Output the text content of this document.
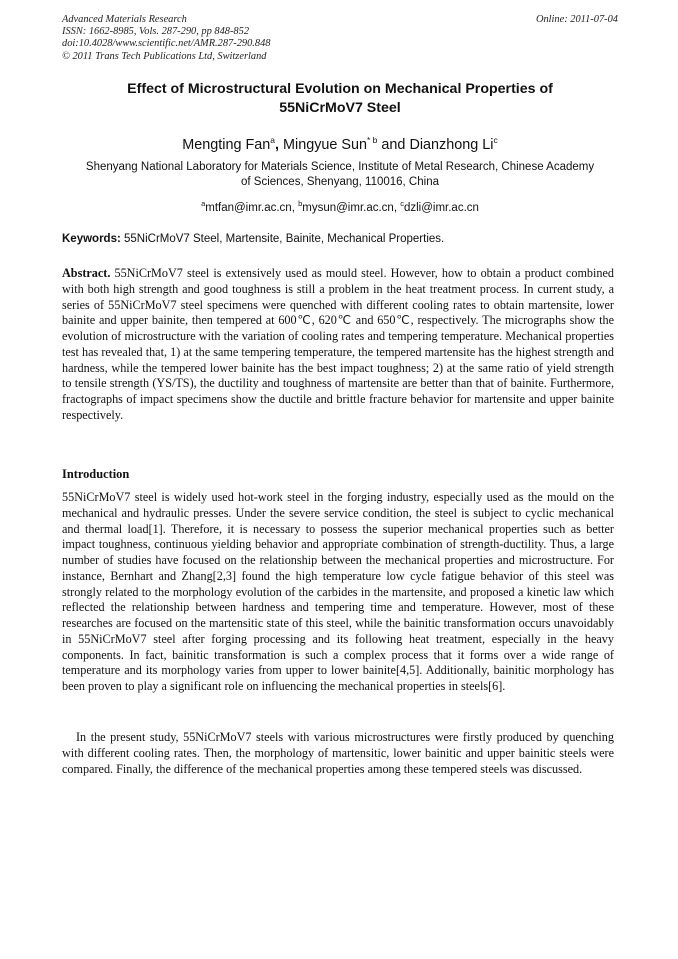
Advanced Materials Research
ISSN: 1662-8985, Vols. 287-290, pp 848-852
doi:10.4028/www.scientific.net/AMR.287-290.848
© 2011 Trans Tech Publications Ltd, Switzerland
Online: 2011-07-04
Effect of Microstructural Evolution on Mechanical Properties of
55NiCrMoV7 Steel
Mengting Fan$^a$, Mingyue Sun$^{* b}$ and Dianzhong Li$^c$
Shenyang National Laboratory for Materials Science, Institute of Metal Research, Chinese Academy
of Sciences, Shenyang, 110016, China
$^a$mtfan@imr.ac.cn, $^b$mysun@imr.ac.cn, $^c$dzli@imr.ac.cn
Keywords: 55NiCrMoV7 Steel, Martensite, Bainite, Mechanical Properties.
Abstract. 55NiCrMoV7 steel is extensively used as mould steel. However, how to obtain a product combined with both high strength and good toughness is still a problem in the heat treatment process. In current study, a series of 55NiCrMoV7 steel specimens were quenched with different cooling rates to obtain martensite, lower bainite and upper bainite, then tempered at 600℃, 620℃ and 650℃, respectively. The micrographs show the evolution of microstructure with the variation of cooling rates and tempering temperature. Mechanical properties test has revealed that, 1) at the same tempering temperature, the tempered martensite has the highest strength and hardness, while the tempered lower bainite has the best impact toughness; 2) at the same ratio of yield strength to tensile strength (YS/TS), the ductility and toughness of martensite are better than that of bainite. Furthermore, fractographs of impact specimens show the ductile and brittle fracture behavior for martensite and upper bainite respectively.
Introduction
55NiCrMoV7 steel is widely used hot-work steel in the forging industry, especially used as the mould on the mechanical and hydraulic presses. Under the severe service condition, the steel is subject to cyclic mechanical and thermal load[1]. Therefore, it is necessary to possess the superior mechanical properties such as better impact toughness, continuous yielding behavior and appropriate combination of strength-ductility. Thus, a large number of studies have focused on the relationship between the mechanical properties and microstructure. For instance, Bernhart and Zhang[2,3] found the high temperature low cycle fatigue behavior of this steel was strongly related to the morphology evolution of the carbides in the martensite, and proposed a kinetic law which reflected the relationship between hardness and tempering time and temperature. However, most of these researches are focused on the martensitic state of this steel, while the bainitic transformation occurs unavoidably in 55NiCrMoV7 steel after forging processing and its following heat treatment, especially in the heavy components. In fact, bainitic transformation is such a complex process that it forms over a wide range of temperature and its morphology varies from upper to lower bainite[4,5]. Additionally, bainitic morphology has been proven to play a significant role on influencing the mechanical properties in steels[6].
In the present study, 55NiCrMoV7 steels with various microstructures were firstly produced by quenching with different cooling rates. Then, the morphology of martensitic, lower bainitic and upper bainitic steels were compared. Finally, the difference of the mechanical properties among these tempered steels was discussed.
